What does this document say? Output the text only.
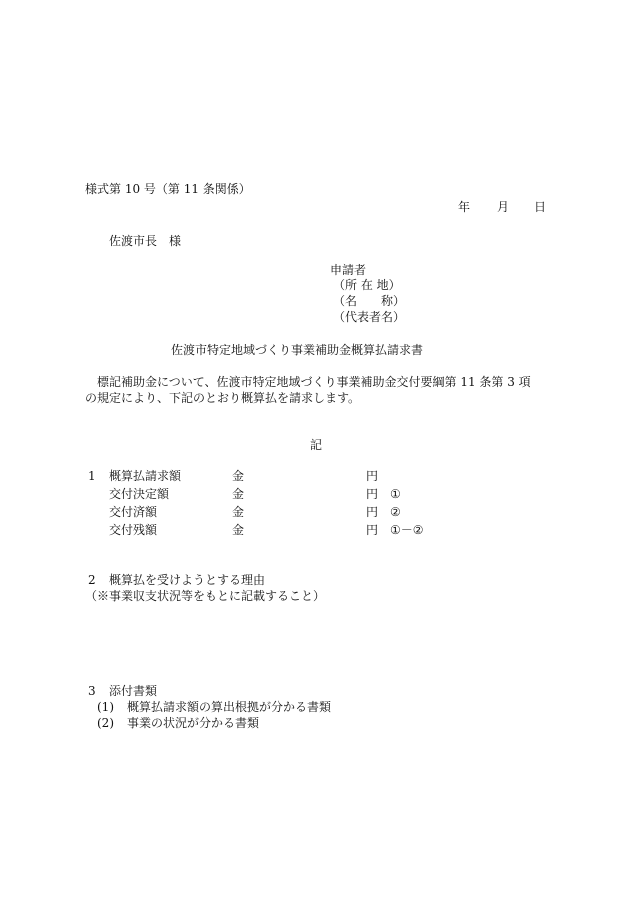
様式第 10 号（第 11 条関係）
年 月 日
佐渡市長　様
申請者
（所 在 地）
（名　　称）
（代表者名）
佐渡市特定地域づくり事業補助金概算払請求書
標記補助金について、佐渡市特定地域づくり事業補助金交付要綱第 11 条第 3 項
の規定により、下記のとおり概算払を請求します。
記
1 概算払請求額	金	円
交付決定額	金	円 ①
交付済額	金	円 ②
交付残額	金	円 ①－②
2 概算払を受けようとする理由
（※事業収支状況等をもとに記載すること）
3 添付書類
(1) 概算払請求額の算出根拠が分かる書類
(2) 事業の状況が分かる書類
